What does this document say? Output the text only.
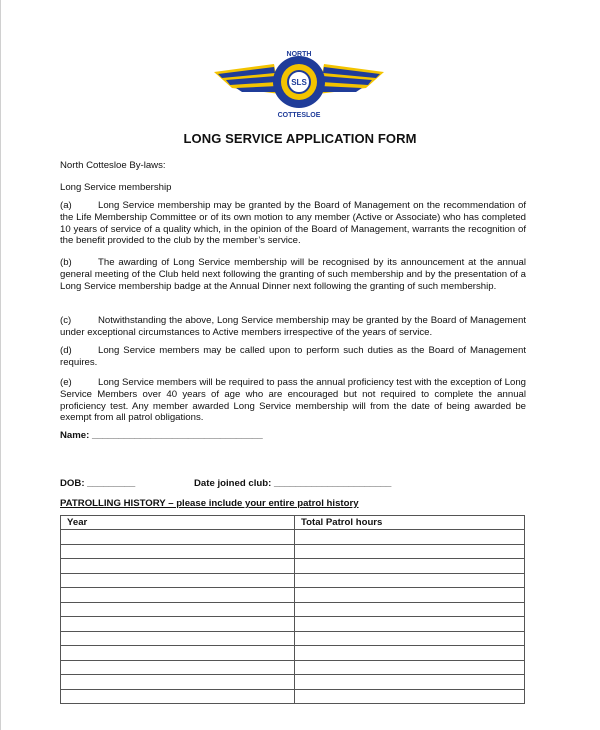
SLS
NORTH
COTTESLOE
LONG SERVICE APPLICATION FORM
North Cottesloe By-laws:
Long Service membership

(a)	Long Service membership may be granted by the Board of Management on the recommendation of the Life Membership Committee or of its own motion to any member (Active or Associate) who has completed 10 years of service of a quality which, in the opinion of the Board of Management, warrants the recognition of the benefit provided to the club by the member’s service.

(b)	The awarding of Long Service membership will be recognised by its announcement at the annual general meeting of the Club held next following the granting of such membership and by the presentation of a Long Service membership badge at the Annual Dinner next following the granting of such membership.

(c)	Notwithstanding the above, Long Service membership may be granted by the Board of Management under exceptional circumstances to Active members irrespective of the years of service.

(d)	Long Service members may be called upon to perform such duties as the Board of Management requires.

(e)	Long Service members will be required to pass the annual proficiency test with the exception of Long Service Members over 40 years of age who are encouraged but not required to complete the annual proficiency test. Any member awarded Long Service membership will from the date of being awarded be exempt from all patrol obligations.

Name: ________________________________
DOB: _________	Date joined club: ______________________
PATROLLING HISTORY – please include your entire patrol history
Year	Total Patrol hours
